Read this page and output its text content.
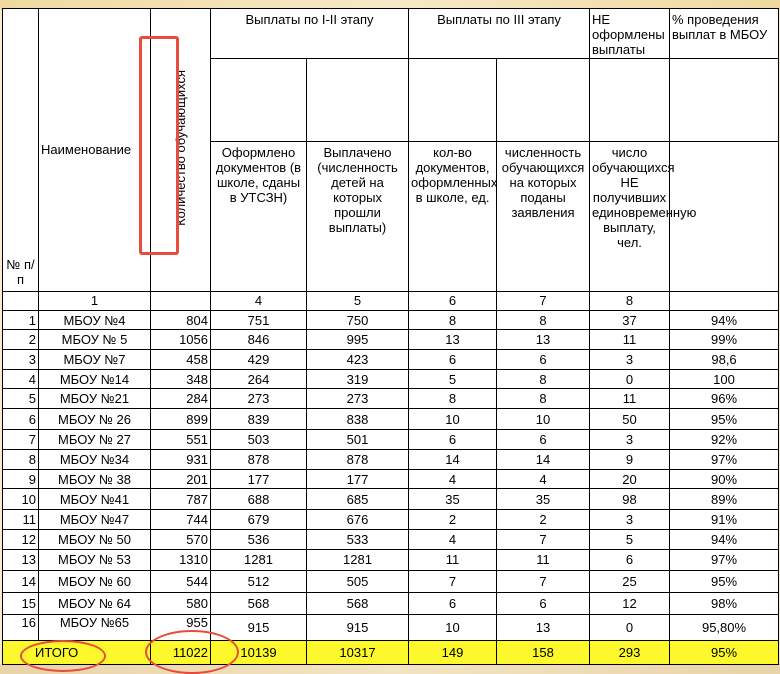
№ п/п	Наименование	Количество обучающихся	Выплаты по I-II этапу		Выплаты по III этапу		НЕ оформлены выплаты	% проведения выплат в МБОУ

			Оформлено документов (в школе, сданы в УТСЗН)	Выплачено (численность детей на которых прошли выплаты)	кол-во документов, оформленных в школе, ед.	численность обучающихся на которых поданы заявления	число обучающихся НЕ получивших единовременную выплату, чел.	
	1		4	5	6	7	8	
1	МБОУ №4	804	751	750	8	8	37	94%
2	МБОУ № 5	1056	846	995	13	13	11	99%
3	МБОУ №7	458	429	423	6	6	3	98,6
4	МБОУ №14	348	264	319	5	8	0	100
5	МБОУ №21	284	273	273	8	8	11	96%
6	МБОУ № 26	899	839	838	10	10	50	95%
7	МБОУ № 27	551	503	501	6	6	3	92%
8	МБОУ №34	931	878	878	14	14	9	97%
9	МБОУ № 38	201	177	177	4	4	20	90%
10	МБОУ №41	787	688	685	35	35	98	89%
11	МБОУ №47	744	679	676	2	2	3	91%
12	МБОУ № 50	570	536	533	4	7	5	94%
13	МБОУ № 53	1310	1281	1281	11	11	6	97%
14	МБОУ № 60	544	512	505	7	7	25	95%
15	МБОУ № 64	580	568	568	6	6	12	98%
16	МБОУ №65	955	915	915	10	13	0	95,80%
ИТОГО		11022	10139	10317	149	158	293	95%
